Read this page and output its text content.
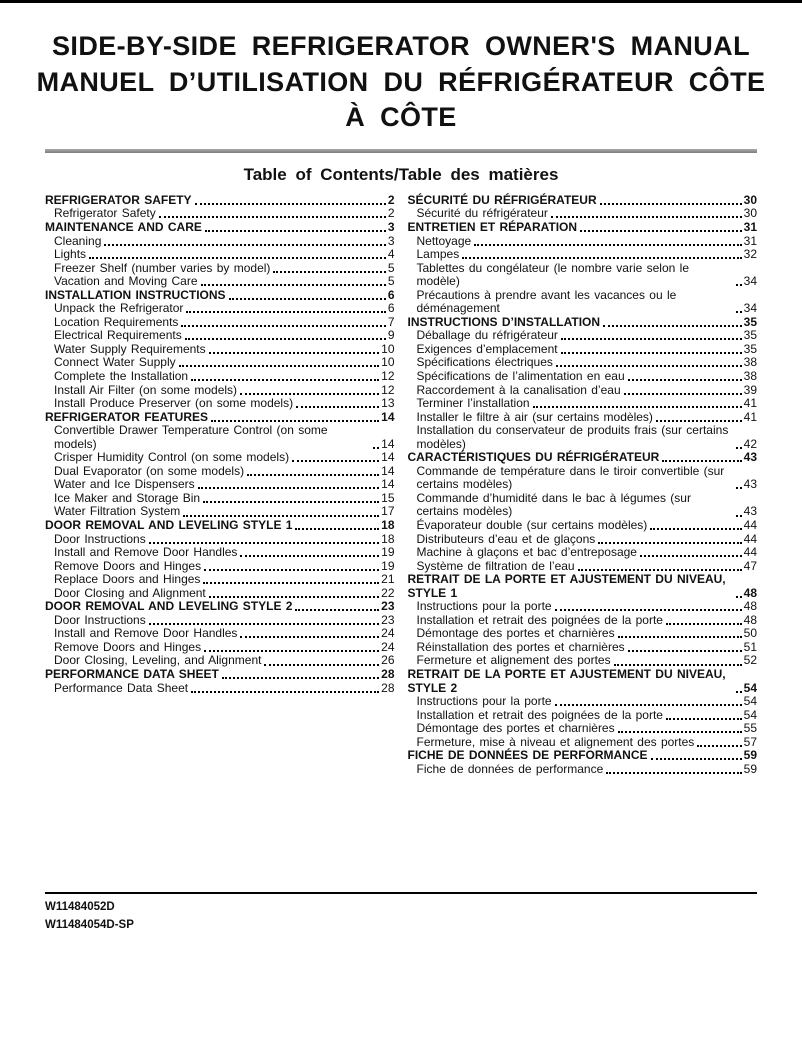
SIDE-BY-SIDE REFRIGERATOR OWNER'S MANUAL
MANUEL D’UTILISATION DU RÉFRIGÉRATEUR CÔTE
À CÔTE
Table of Contents/Table des matières
REFRIGERATOR SAFETY	2
Refrigerator Safety	2
MAINTENANCE AND CARE	3
Cleaning	3
Lights	4
Freezer Shelf (number varies by model)	5
Vacation and Moving Care	5
INSTALLATION INSTRUCTIONS	6
Unpack the Refrigerator	6
Location Requirements	7
Electrical Requirements	9
Water Supply Requirements	10
Connect Water Supply	10
Complete the Installation	12
Install Air Filter (on some models)	12
Install Produce Preserver (on some models)	13
REFRIGERATOR FEATURES	14
Convertible Drawer Temperature Control (on some models)	14
Crisper Humidity Control (on some models)	14
Dual Evaporator (on some models)	14
Water and Ice Dispensers	14
Ice Maker and Storage Bin	15
Water Filtration System	17
DOOR REMOVAL AND LEVELING STYLE 1	18
Door Instructions	18
Install and Remove Door Handles	19
Remove Doors and Hinges	19
Replace Doors and Hinges	21
Door Closing and Alignment	22
DOOR REMOVAL AND LEVELING STYLE 2	23
Door Instructions	23
Install and Remove Door Handles	24
Remove Doors and Hinges	24
Door Closing, Leveling, and Alignment	26
PERFORMANCE DATA SHEET	28
Performance Data Sheet	28
SÉCURITÉ DU RÉFRIGÉRATEUR	30
Sécurité du réfrigérateur	30
ENTRETIEN ET RÉPARATION	31
Nettoyage	31
Lampes	32
Tablettes du congélateur (le nombre varie selon le modèle)	34
Précautions à prendre avant les vacances ou le déménagement	34
INSTRUCTIONS D’INSTALLATION	35
Déballage du réfrigérateur	35
Exigences d’emplacement	35
Spécifications électriques	38
Spécifications de l’alimentation en eau	38
Raccordement à la canalisation d’eau	39
Terminer l’installation	41
Installer le filtre à air (sur certains modèles)	41
Installation du conservateur de produits frais (sur certains modèles)	42
CARACTÉRISTIQUES DU RÉFRIGÉRATEUR	43
Commande de température dans le tiroir convertible (sur certains modèles)	43
Commande d’humidité dans le bac à légumes (sur certains modèles)	43
Évaporateur double (sur certains modèles)	44
Distributeurs d’eau et de glaçons	44
Machine à glaçons et bac d’entreposage	44
Système de filtration de l’eau	47
RETRAIT DE LA PORTE ET AJUSTEMENT DU NIVEAU, STYLE 1	48
Instructions pour la porte	48
Installation et retrait des poignées de la porte	48
Démontage des portes et charnières	50
Réinstallation des portes et charnières	51
Fermeture et alignement des portes	52
RETRAIT DE LA PORTE ET AJUSTEMENT DU NIVEAU, STYLE 2	54
Instructions pour la porte	54
Installation et retrait des poignées de la porte	54
Démontage des portes et charnières	55
Fermeture, mise à niveau et alignement des portes	57
FICHE DE DONNÉES DE PERFORMANCE	59
Fiche de données de performance	59
W11484052D
W11484054D-SP
